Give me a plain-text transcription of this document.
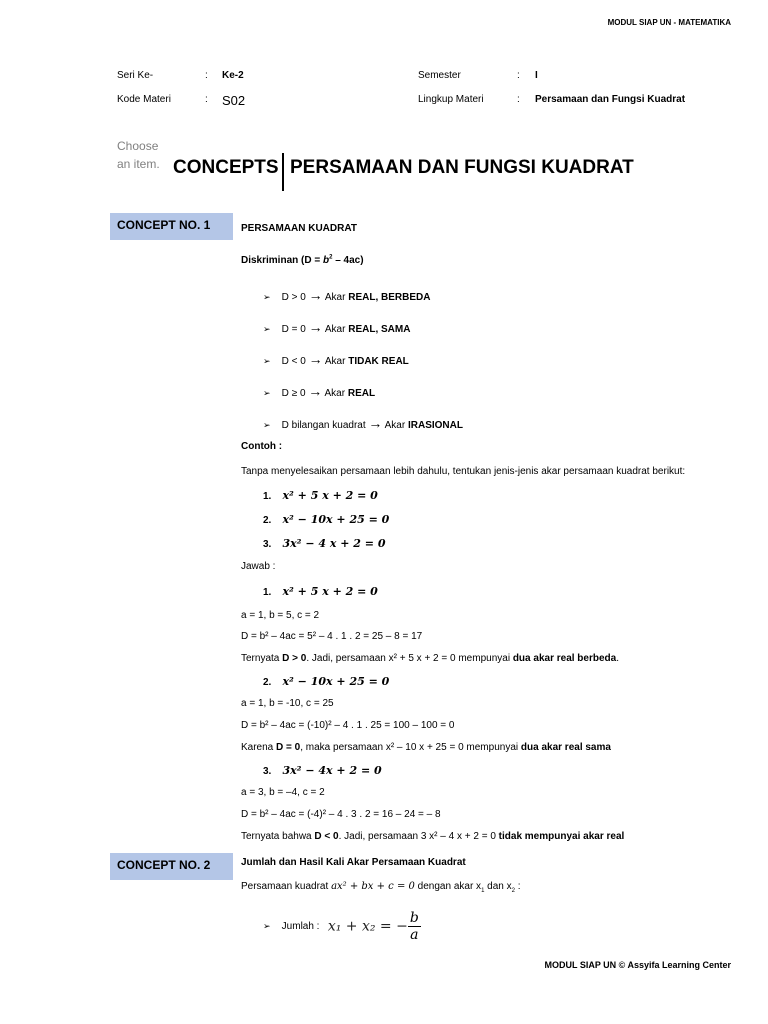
MODUL SIAP UN - MATEMATIKA
Seri Ke-	: Ke-2
Kode Materi	: S02
Semester	: I
Lingkup Materi	: Persamaan dan Fungsi Kuadrat
Choose an item. CONCEPTS PERSAMAAN DAN FUNGSI KUADRAT
CONCEPT NO. 1	PERSAMAAN KUADRAT
Diskriminan $(D = b^2 - 4ac)$
➢ D > 0 → Akar REAL, BERBEDA
➢ D = 0 → Akar REAL, SAMA
➢ D < 0 → Akar TIDAK REAL
➢ D ≥ 0 → Akar REAL
➢ D bilangan kuadrat → Akar IRASIONAL
Contoh :
Tanpa menyelesaikan persamaan lebih dahulu, tentukan jenis-jenis akar persamaan kuadrat berikut:
1. x² + 5 x + 2 = 0
2. x² − 10x + 25 = 0
3. 3x² − 4 x + 2 = 0
Jawab :
1. x² + 5 x + 2 = 0
a = 1, b = 5, c = 2
D = b² – 4ac = 5² – 4 . 1 . 2 = 25 – 8 = 17
Ternyata D > 0. Jadi, persamaan x² + 5 x + 2 = 0 mempunyai dua akar real berbeda.
2. x² − 10x + 25 = 0
a = 1, b = -10, c = 25
D = b² – 4ac = (-10)² – 4 . 1 . 25 = 100 – 100 = 0
Karena D = 0, maka persamaan x² – 10 x + 25 = 0 mempunyai dua akar real sama
3. 3x² − 4x + 2 = 0
a = 3, b = –4, c = 2
D = b² – 4ac = (-4)² – 4 . 3 . 2 = 16 – 24 = – 8
Ternyata bahwa D < 0. Jadi, persamaan 3 x² – 4 x + 2 = 0 tidak mempunyai akar real
CONCEPT NO. 2	Jumlah dan Hasil Kali Akar Persamaan Kuadrat
Persamaan kuadrat ax² + bx + c = 0 dengan akar $x_1$ dan $x_2$ :
➢ Jumlah : x₁ + x₂ = − $\frac{b}{a}$
MODUL SIAP UN © Assyifa Learning Center
